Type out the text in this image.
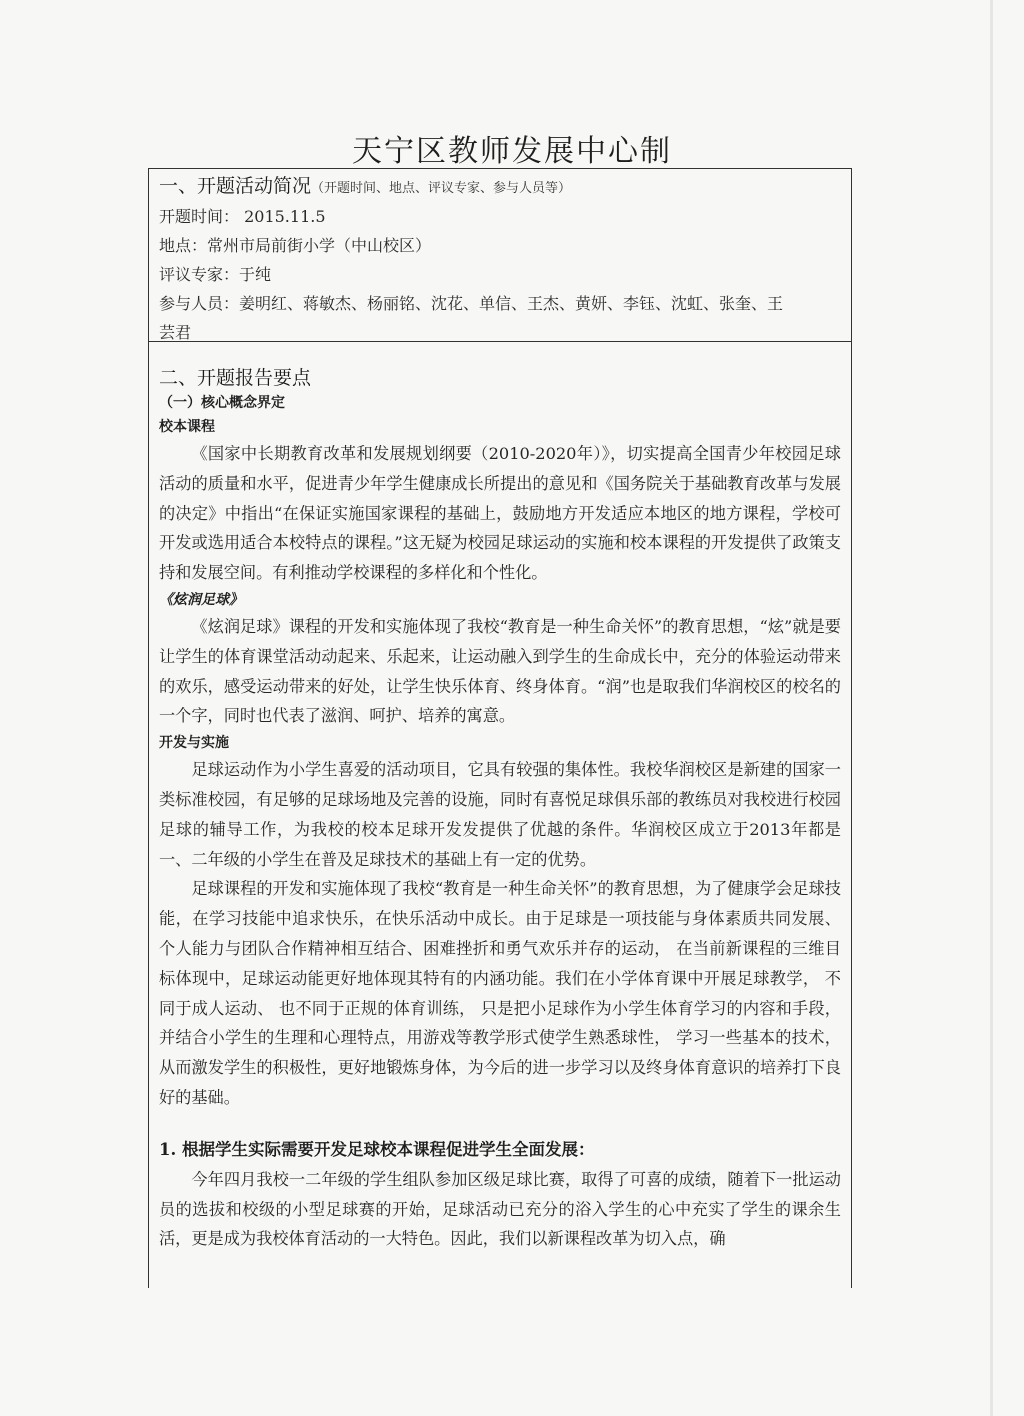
天宁区教师发展中心制
一、开题活动简况（开题时间、地点、评议专家、参与人员等）
开题时间： 2015.11.5
地点：常州市局前街小学（中山校区）
评议专家：于纯
参与人员：姜明红、蒋敏杰、杨丽铭、沈花、单信、王杰、黄妍、李钰、沈虹、张奎、王
芸君
二、开题报告要点
（一）核心概念界定
校本课程

《国家中长期教育改革和发展规划纲要（2010-2020年）》，切实提高全国青少年校园足球活动的质量和水平，促进青少年学生健康成长所提出的意见和《国务院关于基础教育改革与发展的决定》中指出“在保证实施国家课程的基础上，鼓励地方开发适应本地区的地方课程，学校可开发或选用适合本校特点的课程。”这无疑为校园足球运动的实施和校本课程的开发提供了政策支持和发展空间。有利推动学校课程的多样化和个性化。

《炫润足球》

《炫润足球》课程的开发和实施体现了我校“教育是一种生命关怀”的教育思想，“炫”就是要让学生的体育课堂活动动起来、乐起来，让运动融入到学生的生命成长中，充分的体验运动带来的欢乐，感受运动带来的好处，让学生快乐体育、终身体育。“润”也是取我们华润校区的校名的一个字，同时也代表了滋润、呵护、培养的寓意。

开发与实施

足球运动作为小学生喜爱的活动项目，它具有较强的集体性。我校华润校区是新建的国家一类标准校园，有足够的足球场地及完善的设施，同时有喜悦足球俱乐部的教练员对我校进行校园足球的辅导工作，为我校的校本足球开发发提供了优越的条件。华润校区成立于2013年都是一、二年级的小学生在普及足球技术的基础上有一定的优势。

足球课程的开发和实施体现了我校“教育是一种生命关怀”的教育思想，为了健康学会足球技能，在学习技能中追求快乐，在快乐活动中成长。由于足球是一项技能与身体素质共同发展、 个人能力与团队合作精神相互结合、困难挫折和勇气欢乐并存的运动， 在当前新课程的三维目标体现中，足球运动能更好地体现其特有的内涵功能。我们在小学体育课中开展足球教学， 不同于成人运动、 也不同于正规的体育训练， 只是把小足球作为小学生体育学习的内容和手段，并结合小学生的生理和心理特点，用游戏等教学形式使学生熟悉球性， 学习一些基本的技术，从而激发学生的积极性，更好地锻炼身体，为今后的进一步学习以及终身体育意识的培养打下良好的基础。

1. 根据学生实际需要开发足球校本课程促进学生全面发展：

今年四月我校一二年级的学生组队参加区级足球比赛，取得了可喜的成绩，随着下一批运动员的选拔和校级的小型足球赛的开始，足球活动已充分的浴入学生的心中充实了学生的课余生活，更是成为我校体育活动的一大特色。因此，我们以新课程改革为切入点，确
